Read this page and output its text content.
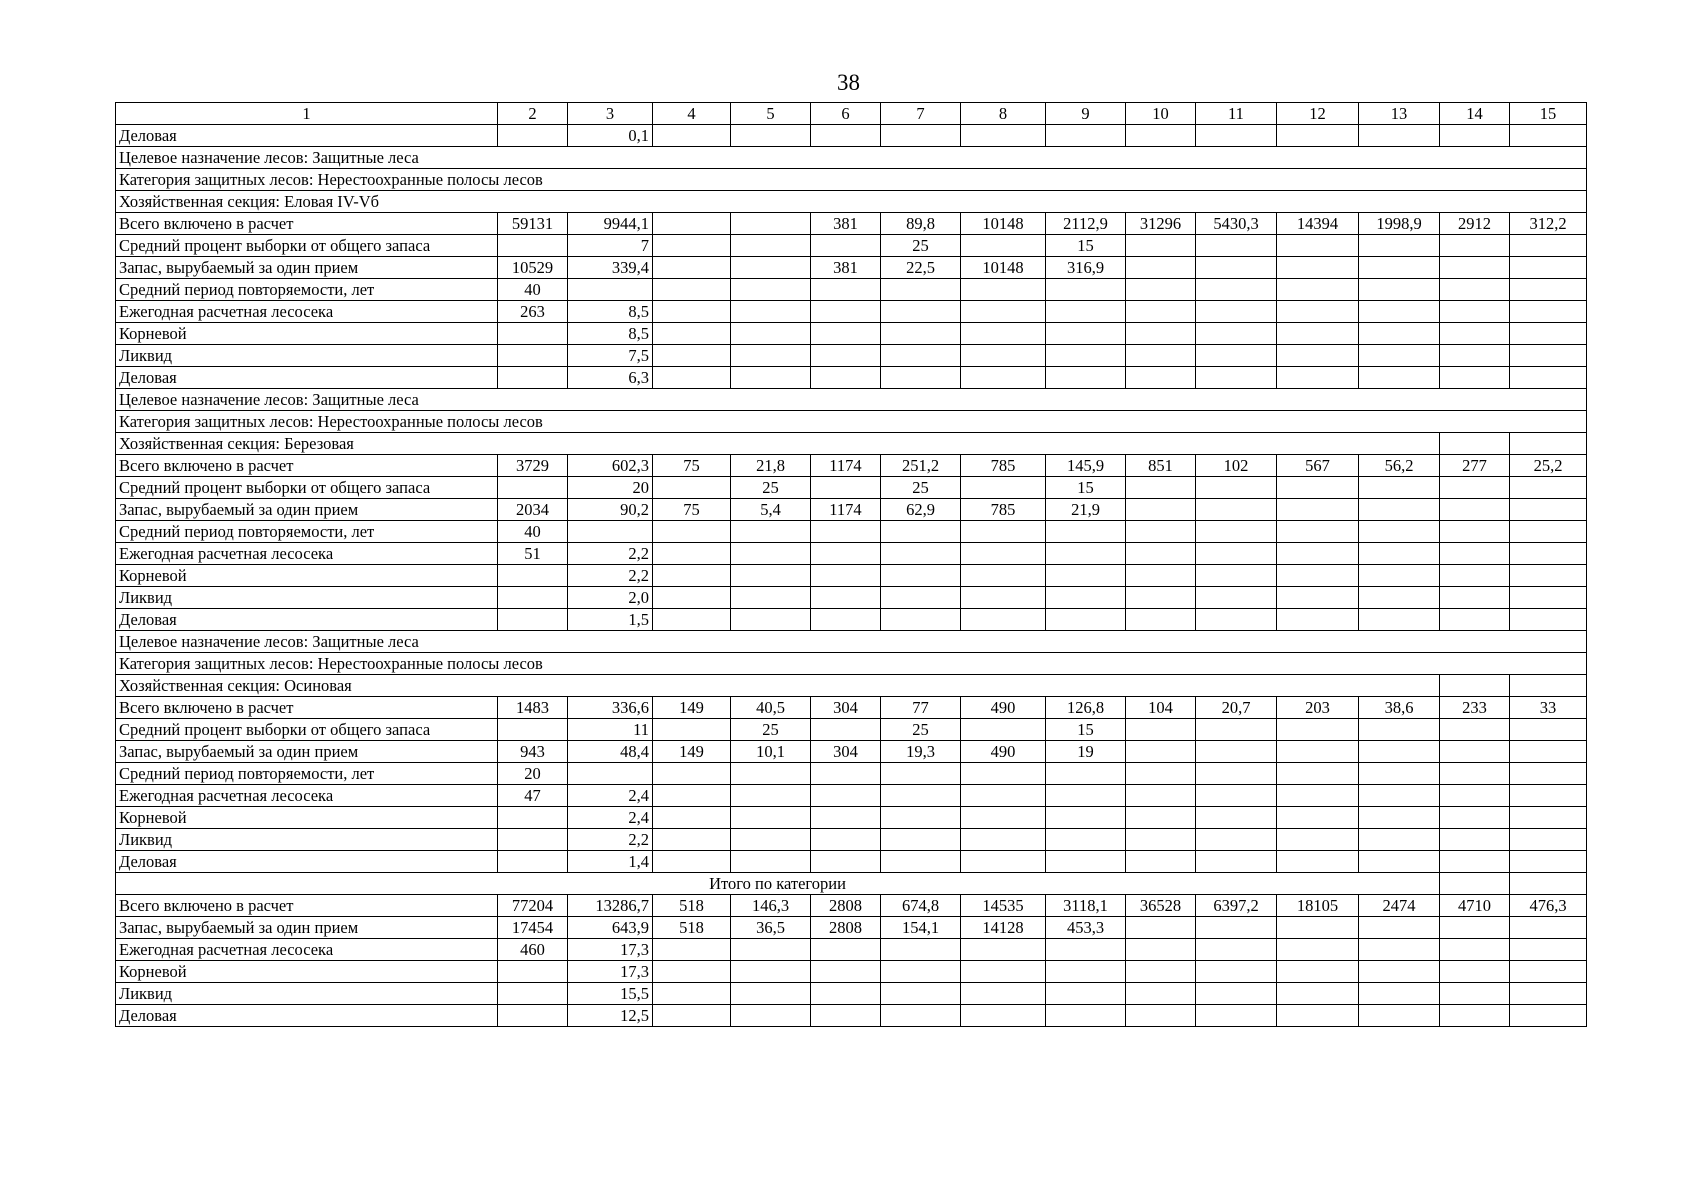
38
1	2	3	4	5	6	7	8	9	10	11	12	13	14	15
Деловая		0,1												
Целевое назначение лесов: Защитные леса														
Категория защитных лесов: Нерестоохранные полосы лесов														
Хозяйственная секция: Еловая IV-Vб														
Всего включено в расчет	59131	9944,1			381	89,8	10148	2112,9	31296	5430,3	14394	1998,9	2912	312,2
Средний процент выборки от общего запаса		7				25		15						
Запас, вырубаемый за один прием	10529	339,4			381	22,5	10148	316,9						
Средний период повторяемости, лет	40													
Ежегодная расчетная лесосека	263	8,5												
Корневой		8,5												
Ликвид		7,5												
Деловая		6,3												
Целевое назначение лесов: Защитные леса														
Категория защитных лесов: Нерестоохранные полосы лесов														
Хозяйственная секция: Березовая														
Всего включено в расчет	3729	602,3	75	21,8	1174	251,2	785	145,9	851	102	567	56,2	277	25,2
Средний процент выборки от общего запаса		20		25		25		15						
Запас, вырубаемый за один прием	2034	90,2	75	5,4	1174	62,9	785	21,9						
Средний период повторяемости, лет	40													
Ежегодная расчетная лесосека	51	2,2												
Корневой		2,2												
Ликвид		2,0												
Деловая		1,5												
Целевое назначение лесов: Защитные леса														
Категория защитных лесов: Нерестоохранные полосы лесов														
Хозяйственная секция: Осиновая														
Всего включено в расчет	1483	336,6	149	40,5	304	77	490	126,8	104	20,7	203	38,6	233	33
Средний процент выборки от общего запаса		11		25		25		15						
Запас, вырубаемый за один прием	943	48,4	149	10,1	304	19,3	490	19						
Средний период повторяемости, лет	20													
Ежегодная расчетная лесосека	47	2,4												
Корневой		2,4												
Ликвид		2,2												
Деловая		1,4												
Итого по категории														
Всего включено в расчет	77204	13286,7	518	146,3	2808	674,8	14535	3118,1	36528	6397,2	18105	2474	4710	476,3
Запас, вырубаемый за один прием	17454	643,9	518	36,5	2808	154,1	14128	453,3						
Ежегодная расчетная лесосека	460	17,3												
Корневой		17,3												
Ликвид		15,5												
Деловая		12,5												
